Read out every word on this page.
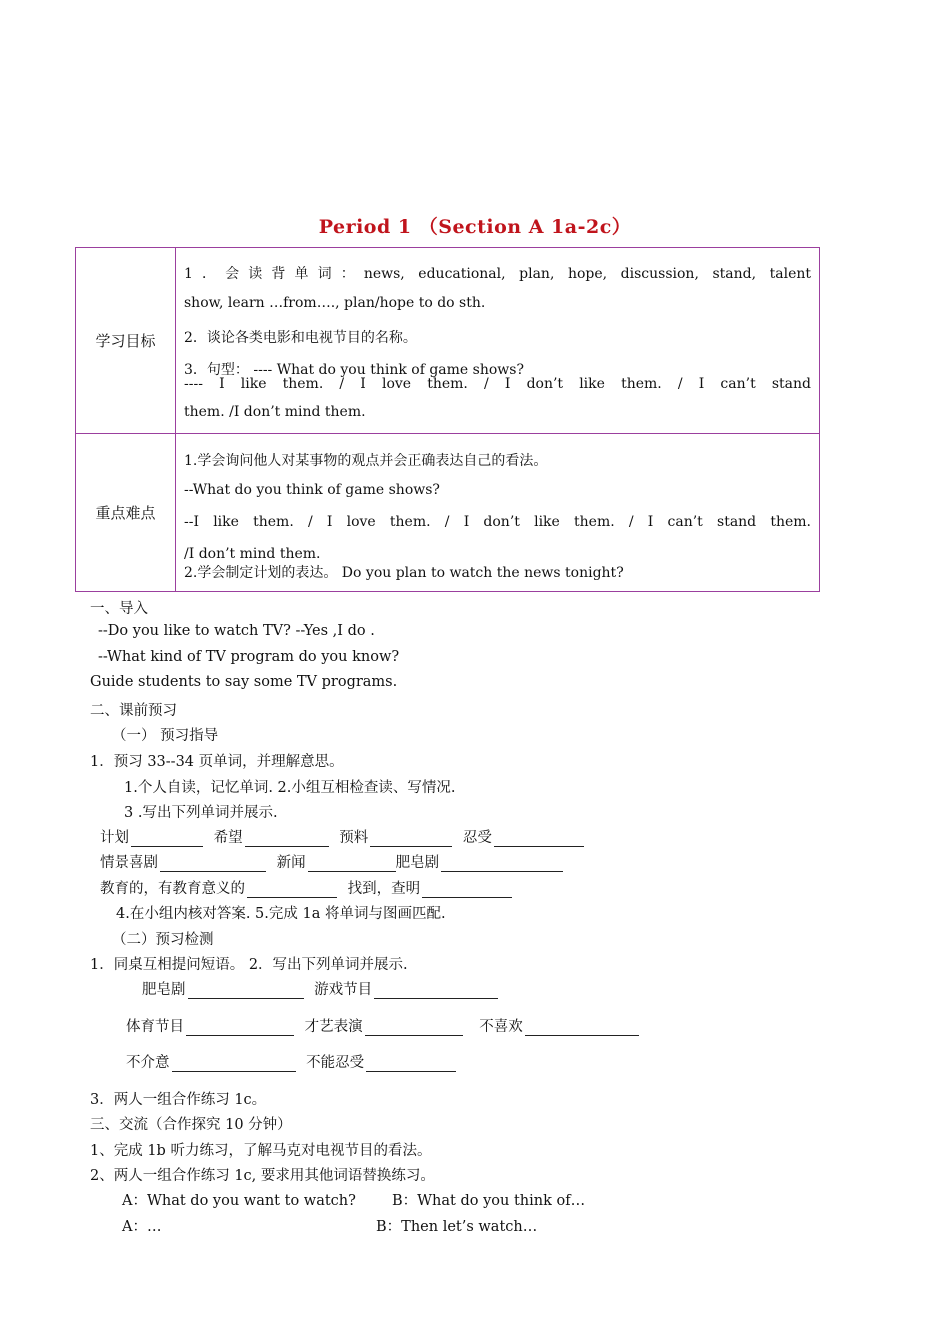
Period 1 （Section A 1a-2c）
学习目标
1．会读背单词：news, educational, plan, hope, discussion, stand, talent
show, learn …from…., plan/hope to do sth.
2．谈论各类电影和电视节目的名称。
3．句型： ---- What do you think of game shows?
---- I like them. / I love them. / I don’t like them. / I can’t stand
them. /I don’t mind them.
重点难点
1.学会询问他人对某事物的观点并会正确表达自己的看法。
--What do you think of game shows?
--I like them. / I love them. / I don’t like them. / I can’t stand them.
/I don’t mind them.
2.学会制定计划的表达。 Do you plan to watch the news tonight?
一、导入
--Do you like to watch TV? --Yes ,I do .
--What kind of TV program do you know?
Guide students to say some TV programs.
二、课前预习
（一） 预习指导
1．预习 33--34 页单词，并理解意思。
1.个人自读，记忆单词. 2.小组互相检查读、写情况.
3 .写出下列单词并展示.
计划	希望	预料	忍受
情景喜剧	新闻	肥皂剧
教育的，有教育意义的	找到，查明
4.在小组内核对答案. 5.完成 1a 将单词与图画匹配.
（二）预习检测
1．同桌互相提问短语。 2．写出下列单词并展示.
肥皂剧	游戏节目
体育节目	才艺表演	不喜欢
不介意	不能忍受
3．两人一组合作练习 1c。
三、交流（合作探究 10 分钟）
1、完成 1b 听力练习，了解马克对电视节目的看法。
2、两人一组合作练习 1c, 要求用其他词语替换练习。
A：What do you want to watch? B：What do you think of…
A：…	B：Then let’s watch…
